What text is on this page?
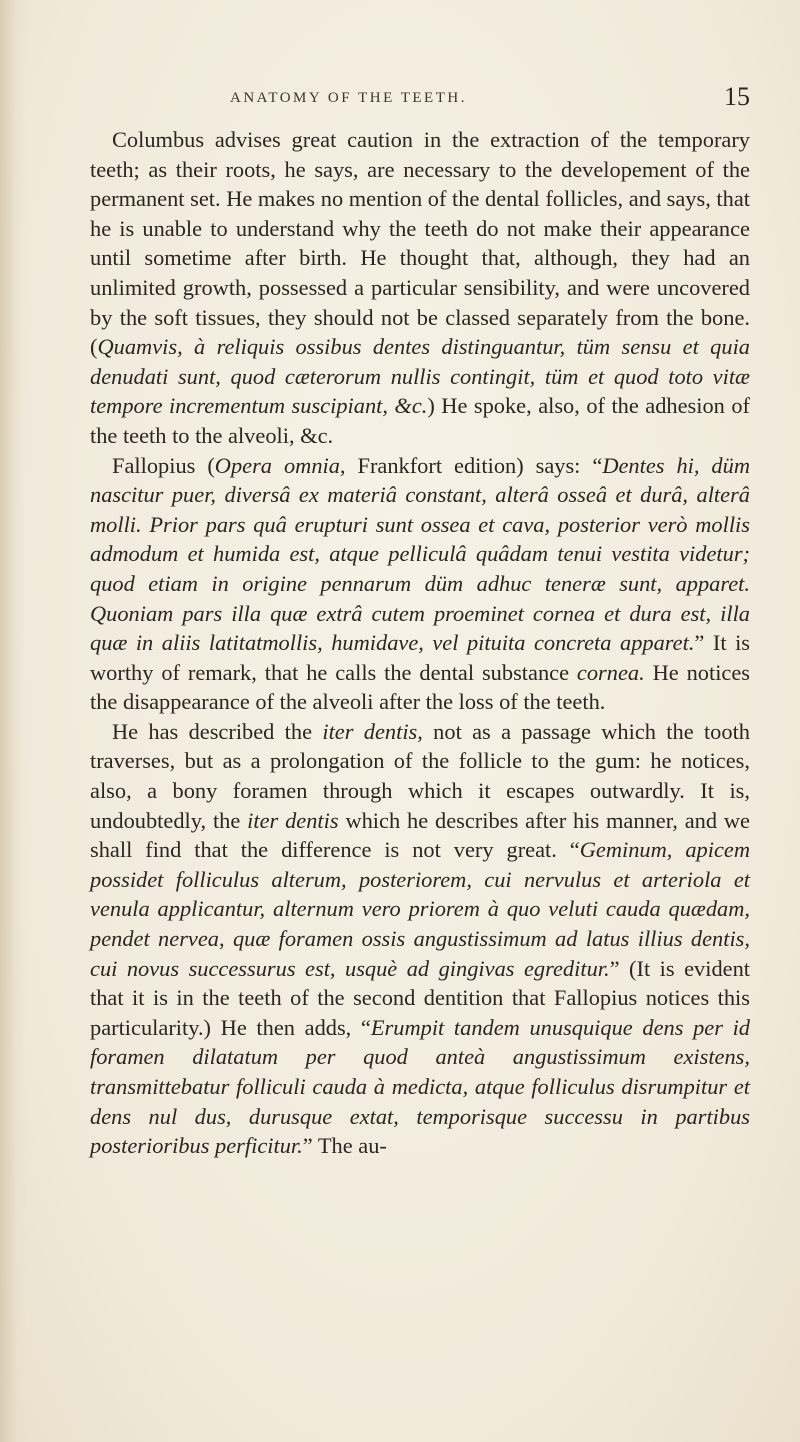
ANATOMY OF THE TEETH.	15

Columbus advises great caution in the extraction of the temporary teeth; as their roots, he says, are necessary to the developement of the permanent set. He makes no mention of the dental follicles, and says, that he is unable to understand why the teeth do not make their appearance until sometime after birth. He thought that, although, they had an unlimited growth, possessed a particular sensibility, and were uncovered by the soft tissues, they should not be classed separately from the bone. (Quamvis, à reliquis ossibus dentes distinguantur, tüm sensu et quia denudati sunt, quod cæterorum nullis contingit, tüm et quod toto vitæ tempore incrementum suscipiant, &c.) He spoke, also, of the adhesion of the teeth to the alveoli, &c.

Fallopius (Opera omnia, Frankfort edition) says: “Dentes hi, düm nascitur puer, diversâ ex materiâ constant, alterâ osseâ et durâ, alterâ molli. Prior pars quâ erupturi sunt ossea et cava, posterior verò mollis admodum et humida est, atque pelliculâ quâdam tenui vestita videtur; quod etiam in origine pennarum düm adhuc teneræ sunt, apparet. Quoniam pars illa quæ extrâ cutem proeminet cornea et dura est, illa quæ in aliis latitatmollis, humidave, vel pituita concreta apparet.” It is worthy of remark, that he calls the dental substance cornea. He notices the disappearance of the alveoli after the loss of the teeth.

He has described the iter dentis, not as a passage which the tooth traverses, but as a prolongation of the follicle to the gum: he notices, also, a bony foramen through which it escapes outwardly. It is, undoubtedly, the iter dentis which he describes after his manner, and we shall find that the difference is not very great. “Geminum, apicem possidet folliculus alterum, posteriorem, cui nervulus et arteriola et venula applicantur, alternum vero priorem à quo veluti cauda quædam, pendet nervea, quæ foramen ossis angustissimum ad latus illius dentis, cui novus successurus est, usquè ad gingivas egreditur.” (It is evident that it is in the teeth of the second dentition that Fallopius notices this particularity.) He then adds, “Erumpit tandem unusquique dens per id foramen dilatatum per quod anteà angustissimum existens, transmittebatur folliculi cauda à medicta, atque folliculus disrumpitur et dens nul dus, durusque extat, temporisque successu in partibus posterioribus perficitur.” The au-
